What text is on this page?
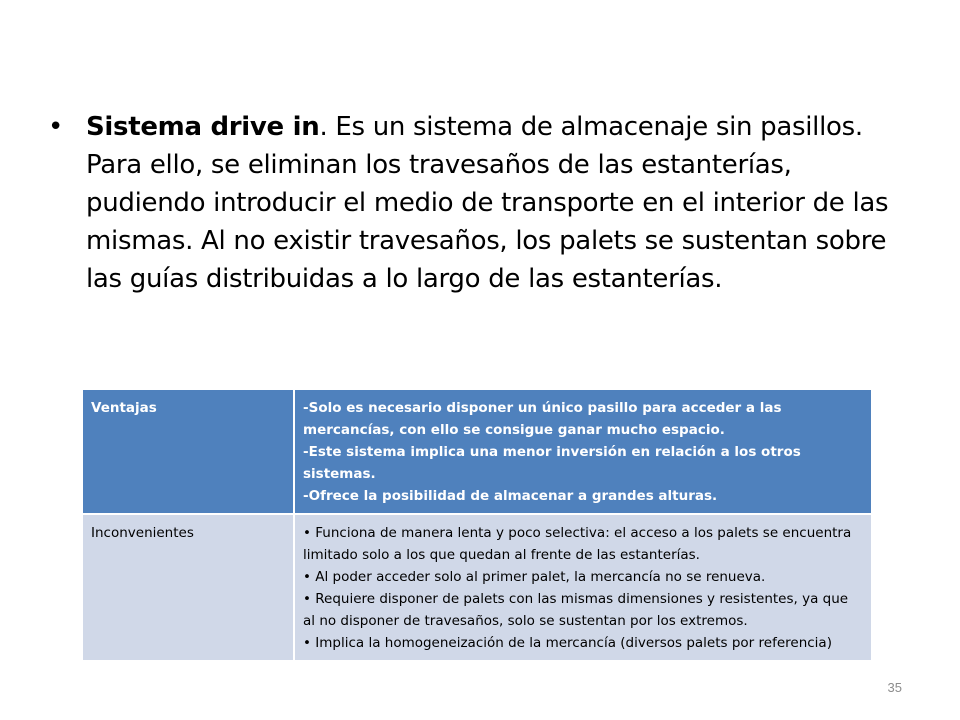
• Sistema drive in. Es un sistema de almacenaje sin pasillos. Para ello, se eliminan los travesaños de las estanterías, pudiendo introducir el medio de transporte en el interior de las mismas. Al no existir travesaños, los palets se sustentan sobre las guías distribuidas a lo largo de las estanterías.

Ventajas	-Solo es necesario disponer un único pasillo para acceder a las mercancías, con ello se consigue ganar mucho espacio.
-Este sistema implica una menor inversión en relación a los otros sistemas.
-Ofrece la posibilidad de almacenar a grandes alturas.

Inconvenientes	• Funciona de manera lenta y poco selectiva: el acceso a los palets se encuentra limitado solo a los que quedan al frente de las estanterías.
• Al poder acceder solo al primer palet, la mercancía no se renueva.
• Requiere disponer de palets con las mismas dimensiones y resistentes, ya que al no disponer de travesaños, solo se sustentan por los extremos.
• Implica la homogeneización de la mercancía (diversos palets por referencia)
35
